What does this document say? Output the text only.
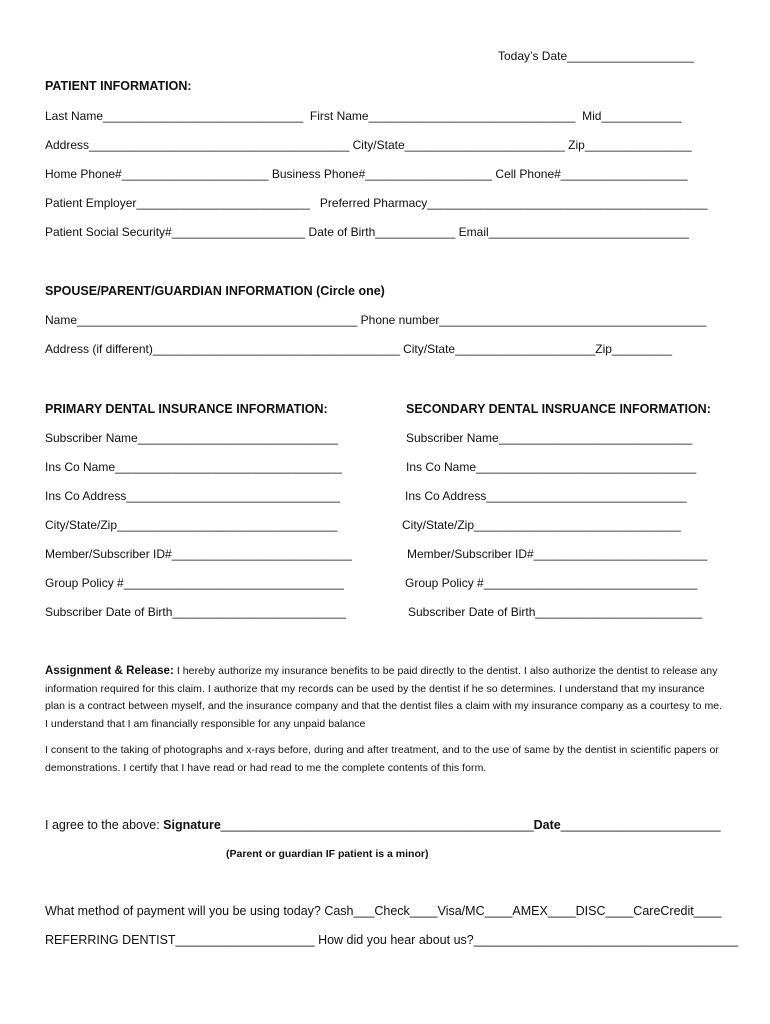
Today’s Date___________________
PATIENT INFORMATION:
Last Name______________________________  First Name_______________________________  Mid____________
Address_______________________________________ City/State________________________ Zip________________
Home Phone#______________________ Business Phone#___________________ Cell Phone#___________________
Patient Employer__________________________   Preferred Pharmacy__________________________________________
Patient Social Security#____________________ Date of Birth____________ Email______________________________
SPOUSE/PARENT/GUARDIAN INFORMATION (Circle one)
Name__________________________________________ Phone number________________________________________
Address (if different)_____________________________________ City/State_____________________Zip_________
PRIMARY DENTAL INSURANCE INFORMATION:
Subscriber Name______________________________
Ins Co Name__________________________________
Ins Co Address________________________________
City/State/Zip_________________________________
Member/Subscriber ID#___________________________
Group Policy #_________________________________
Subscriber Date of Birth__________________________
SECONDARY DENTAL INSRUANCE INFORMATION:
Subscriber Name_____________________________
Ins Co Name_________________________________
Ins Co Address______________________________
City/State/Zip_______________________________
Member/Subscriber ID#__________________________
Group Policy #________________________________
Subscriber Date of Birth_________________________
Assignment & Release: I hereby authorize my insurance benefits to be paid directly to the dentist. I also authorize the dentist to release any information required for this claim. I authorize that my records can be used by the dentist if he so determines. I understand that my insurance plan is a contract between myself, and the insurance company and that the dentist files a claim with my insurance company as a courtesy to me. I understand that I am financially responsible for any unpaid balance
I consent to the taking of photographs and x-rays before, during and after treatment, and to the use of same by the dentist in scientific papers or demonstrations. I certify that I have read or had read to me the complete contents of this form.
I agree to the above: Signature_____________________________________________Date_______________________
(Parent or guardian IF patient is a minor)
What method of payment will you be using today? Cash___Check____Visa/MC____AMEX____DISC____CareCredit____
REFERRING DENTIST____________________ How did you hear about us?______________________________________
